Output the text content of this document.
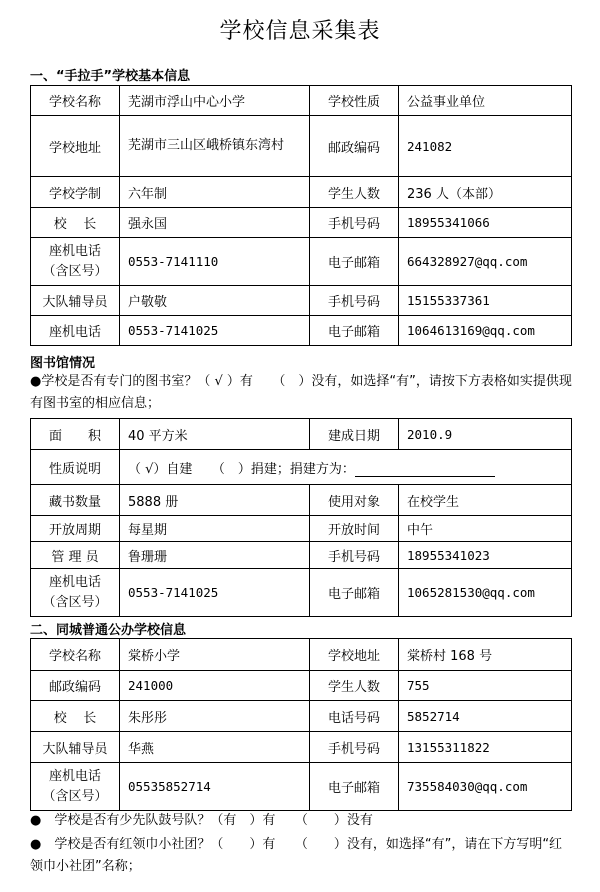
学校信息采集表
一、“手拉手”学校基本信息
学校名称	芜湖市浮山中心小学	学校性质	公益事业单位
学校地址	芜湖市三山区峨桥镇东湾村	邮政编码	241082
学校学制	六年制	学生人数	236 人（本部）
校    长	强永国	手机号码	18955341066

座机电话
（含区号）	0553-7141110	电子邮箱	664328927@qq.com
大队辅导员	户敬敬	手机号码	15155337361
座机电话	0553-7141025	电子邮箱	1064613169@qq.com
图书馆情况
●学校是否有专门的图书室？（ √ ）有　　（　）没有，如选择“有”，请按下方表格如实提供现有图书室的相应信息；
面　　积	40 平方米	建成日期	2010.9
性质说明	（ √）自建　　（　）捐建；捐建方为：		
藏书数量	5888 册	使用对象	在校学生
开放周期	每星期	开放时间	中午
管 理 员	鲁珊珊	手机号码	18955341023

座机电话
（含区号）	0553-7141025	电子邮箱	1065281530@qq.com
二、同城普通公办学校信息
学校名称	棠桥小学	学校地址	棠桥村 168 号
邮政编码	241000	学生人数	755
校    长	朱彤彤	电话号码	5852714
大队辅导员	华燕	手机号码	13155311822

座机电话
（含区号）	05535852714	电子邮箱	735584030@qq.com
●　学校是否有少先队鼓号队？（有　）有　　（　　）没有
●　学校是否有红领巾小社团？（　　）有　　（　　）没有，如选择“有”，请在下方写明“红领巾小社团”名称；
